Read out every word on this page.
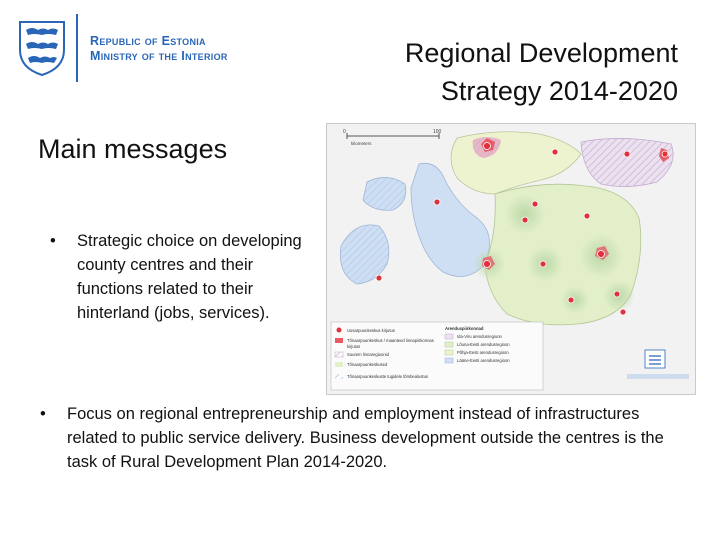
Republic of Estonia
Ministry of the Interior	Regional Development
Strategy 2014-2020
Main messages
• Strategic choice on developing county centres and their functions related to their hinterland (jobs, services).
• Focus on regional entrepreneurship and employment instead of infrastructures related to public service delivery. Business development outside the centres is the task of Rural Development Plan 2014-2020.
0	100
kilometers
Uusarpuunkeskus kirjutus
Tõnaarpuunkeskus / maanteed linnapiirkonnas
kirjutus
Suurem linnaregioonid
Tõnaarpuunkeskused
Tõnaarpuunkeskuste tugidele tõmbealustus
Arenduspiirkonnad
Ida-Viru arendusregioon
Lõuna-Eesti arendusregioon
Põhja-Eesti arendusregioon
Lääne-Eesti arendusregioon
